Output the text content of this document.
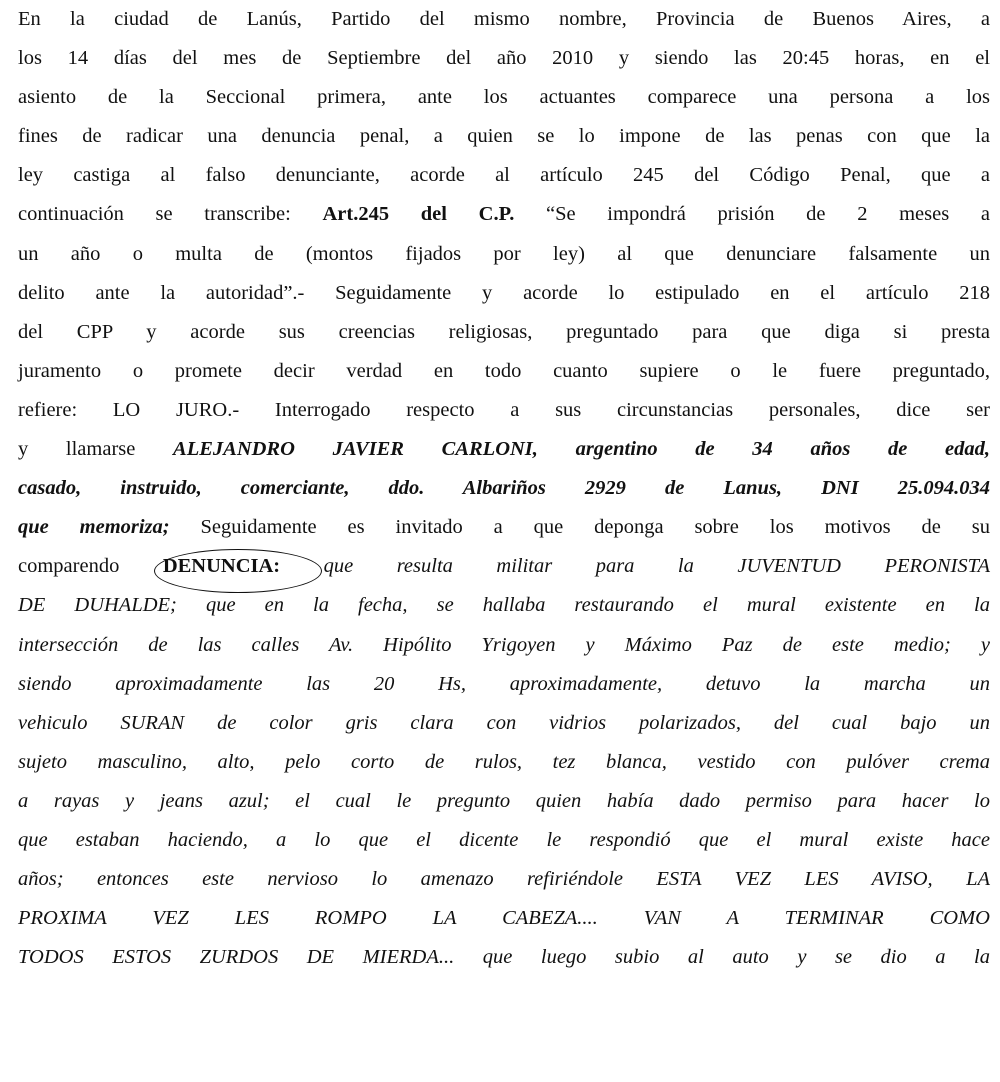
En la ciudad de Lanús, Partido del mismo nombre, Provincia de Buenos Aires, a
los 14 días del mes de Septiembre del año 2010 y siendo las 20:45 horas, en el
asiento de la Seccional primera, ante los actuantes comparece una persona a los
fines de radicar una denuncia penal, a quien se lo impone de las penas con que la
ley castiga al falso denunciante, acorde al artículo 245 del Código Penal, que a
continuación se transcribe: Art.245 del C.P. “Se impondrá prisión de 2 meses a
un año o multa de (montos fijados por ley) al que denunciare falsamente un
delito ante la autoridad”.- Seguidamente y acorde lo estipulado en el artículo 218
del CPP y acorde sus creencias religiosas, preguntado para que diga si presta
juramento o promete decir verdad en todo cuanto supiere o le fuere preguntado,
refiere: LO JURO.- Interrogado respecto a sus circunstancias personales, dice ser
y llamarse ALEJANDRO JAVIER CARLONI, argentino de 34 años de edad,
casado, instruido, comerciante, ddo. Albariños 2929 de Lanus, DNI 25.094.034
que memoriza; Seguidamente es invitado a que deponga sobre los motivos de su
comparendo DENUNCIA
: que resulta militar para la JUVENTUD PERONISTA
DE DUHALDE; que en la fecha, se hallaba restaurando el mural existente en la
intersección de las calles Av. Hipólito Yrigoyen y Máximo Paz de este medio; y
siendo aproximadamente las 20 Hs, aproximadamente, detuvo la marcha un
vehiculo SURAN de color gris clara con vidrios polarizados, del cual bajo un
sujeto masculino, alto, pelo corto de rulos, tez blanca, vestido con pulóver crema
a rayas y jeans azul; el cual le pregunto quien había dado permiso para hacer lo
que estaban haciendo, a lo que el dicente le respondió que el mural existe hace
años; entonces este nervioso lo amenazo refiriéndole ESTA VEZ LES AVISO, LA
PROXIMA VEZ LES ROMPO LA CABEZA.... VAN A TERMINAR COMO
TODOS ESTOS ZURDOS DE MIERDA... que luego subio al auto y se dio a la
